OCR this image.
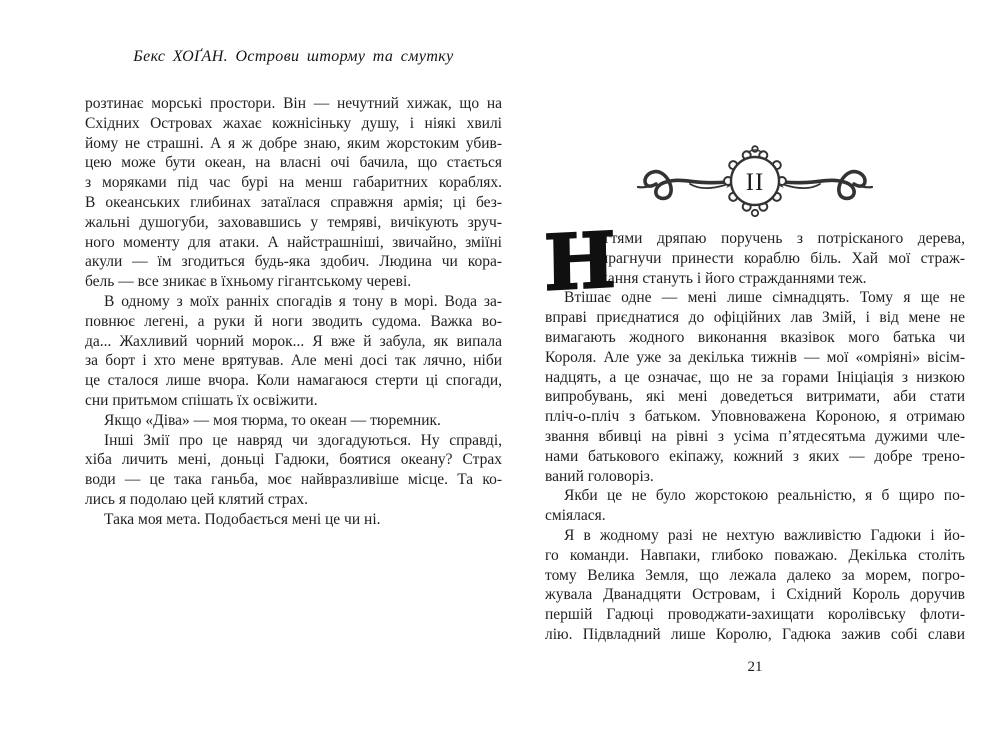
Бекс ХОҐАН. Острови шторму та смутку
розтинає морські простори. Він — нечутний хижак, що на
Східних Островах жахає кожнісіньку душу, і ніякі хвилі
йому не страшні. А я ж добре знаю, яким жорстоким убив-
цею може бути океан, на власні очі бачила, що стається
з моряками під час бурі на менш габаритних кораблях.
В океанських глибинах затаїлася справжня армія; ці без-
жальні душогуби, заховавшись у темряві, вичікують зруч-
ного моменту для атаки. А найстрашніші, звичайно, зміїні
акули — їм згодиться будь-яка здобич. Людина чи кора-
бель — все зникає в їхньому гігантському череві.
В одному з моїх ранніх спогадів я тону в морі. Вода за-
повнює легені, а руки й ноги зводить судома. Важка во-
да... Жахливий чорний морок... Я вже й забула, як випала
за борт і хто мене врятував. Але мені досі так лячно, ніби
це сталося лише вчора. Коли намагаюся стерти ці спогади,
сни притьмом спішать їх освіжити.
Якщо «Діва» — моя тюрма, то океан — тюремник.
Інші Змії про це навряд чи здогадуються. Ну справді,
хіба личить мені, доньці Гадюки, боятися океану? Страх
води — це така ганьба, моє найвразливіше місце. Та ко-
лись я подолаю цей клятий страх.
Така моя мета. Подобається мені це чи ні.
II
Н
ігтями дряпаю поручень з потрісканого дерева,
прагнучи принести кораблю біль. Хай мої страж-
дання стануть і його стражданнями теж.
Втішає одне — мені лише сімнадцять. Тому я ще не
вправі приєднатися до офіційних лав Змій, і від мене не
вимагають жодного виконання вказівок мого батька чи
Короля. Але уже за декілька тижнів — мої «омріяні» вісім-
надцять, а це означає, що не за горами Ініціація з низкою
випробувань, які мені доведеться витримати, аби стати
пліч-о-пліч з батьком. Уповноважена Короною, я отримаю
звання вбивці на рівні з усіма п’ятдесятьма дужими чле-
нами батькового екіпажу, кожний з яких — добре трено-
ваний головоріз.
Якби це не було жорстокою реальністю, я б щиро по-
сміялася.
Я в жодному разі не нехтую важливістю Гадюки і йо-
го команди. Навпаки, глибоко поважаю. Декілька століть
тому Велика Земля, що лежала далеко за морем, погро-
жувала Дванадцяти Островам, і Східний Король доручив
першій Гадюці проводжати-захищати королівську флоти-
лію. Підвладний лише Королю, Гадюка зажив собі слави
21
